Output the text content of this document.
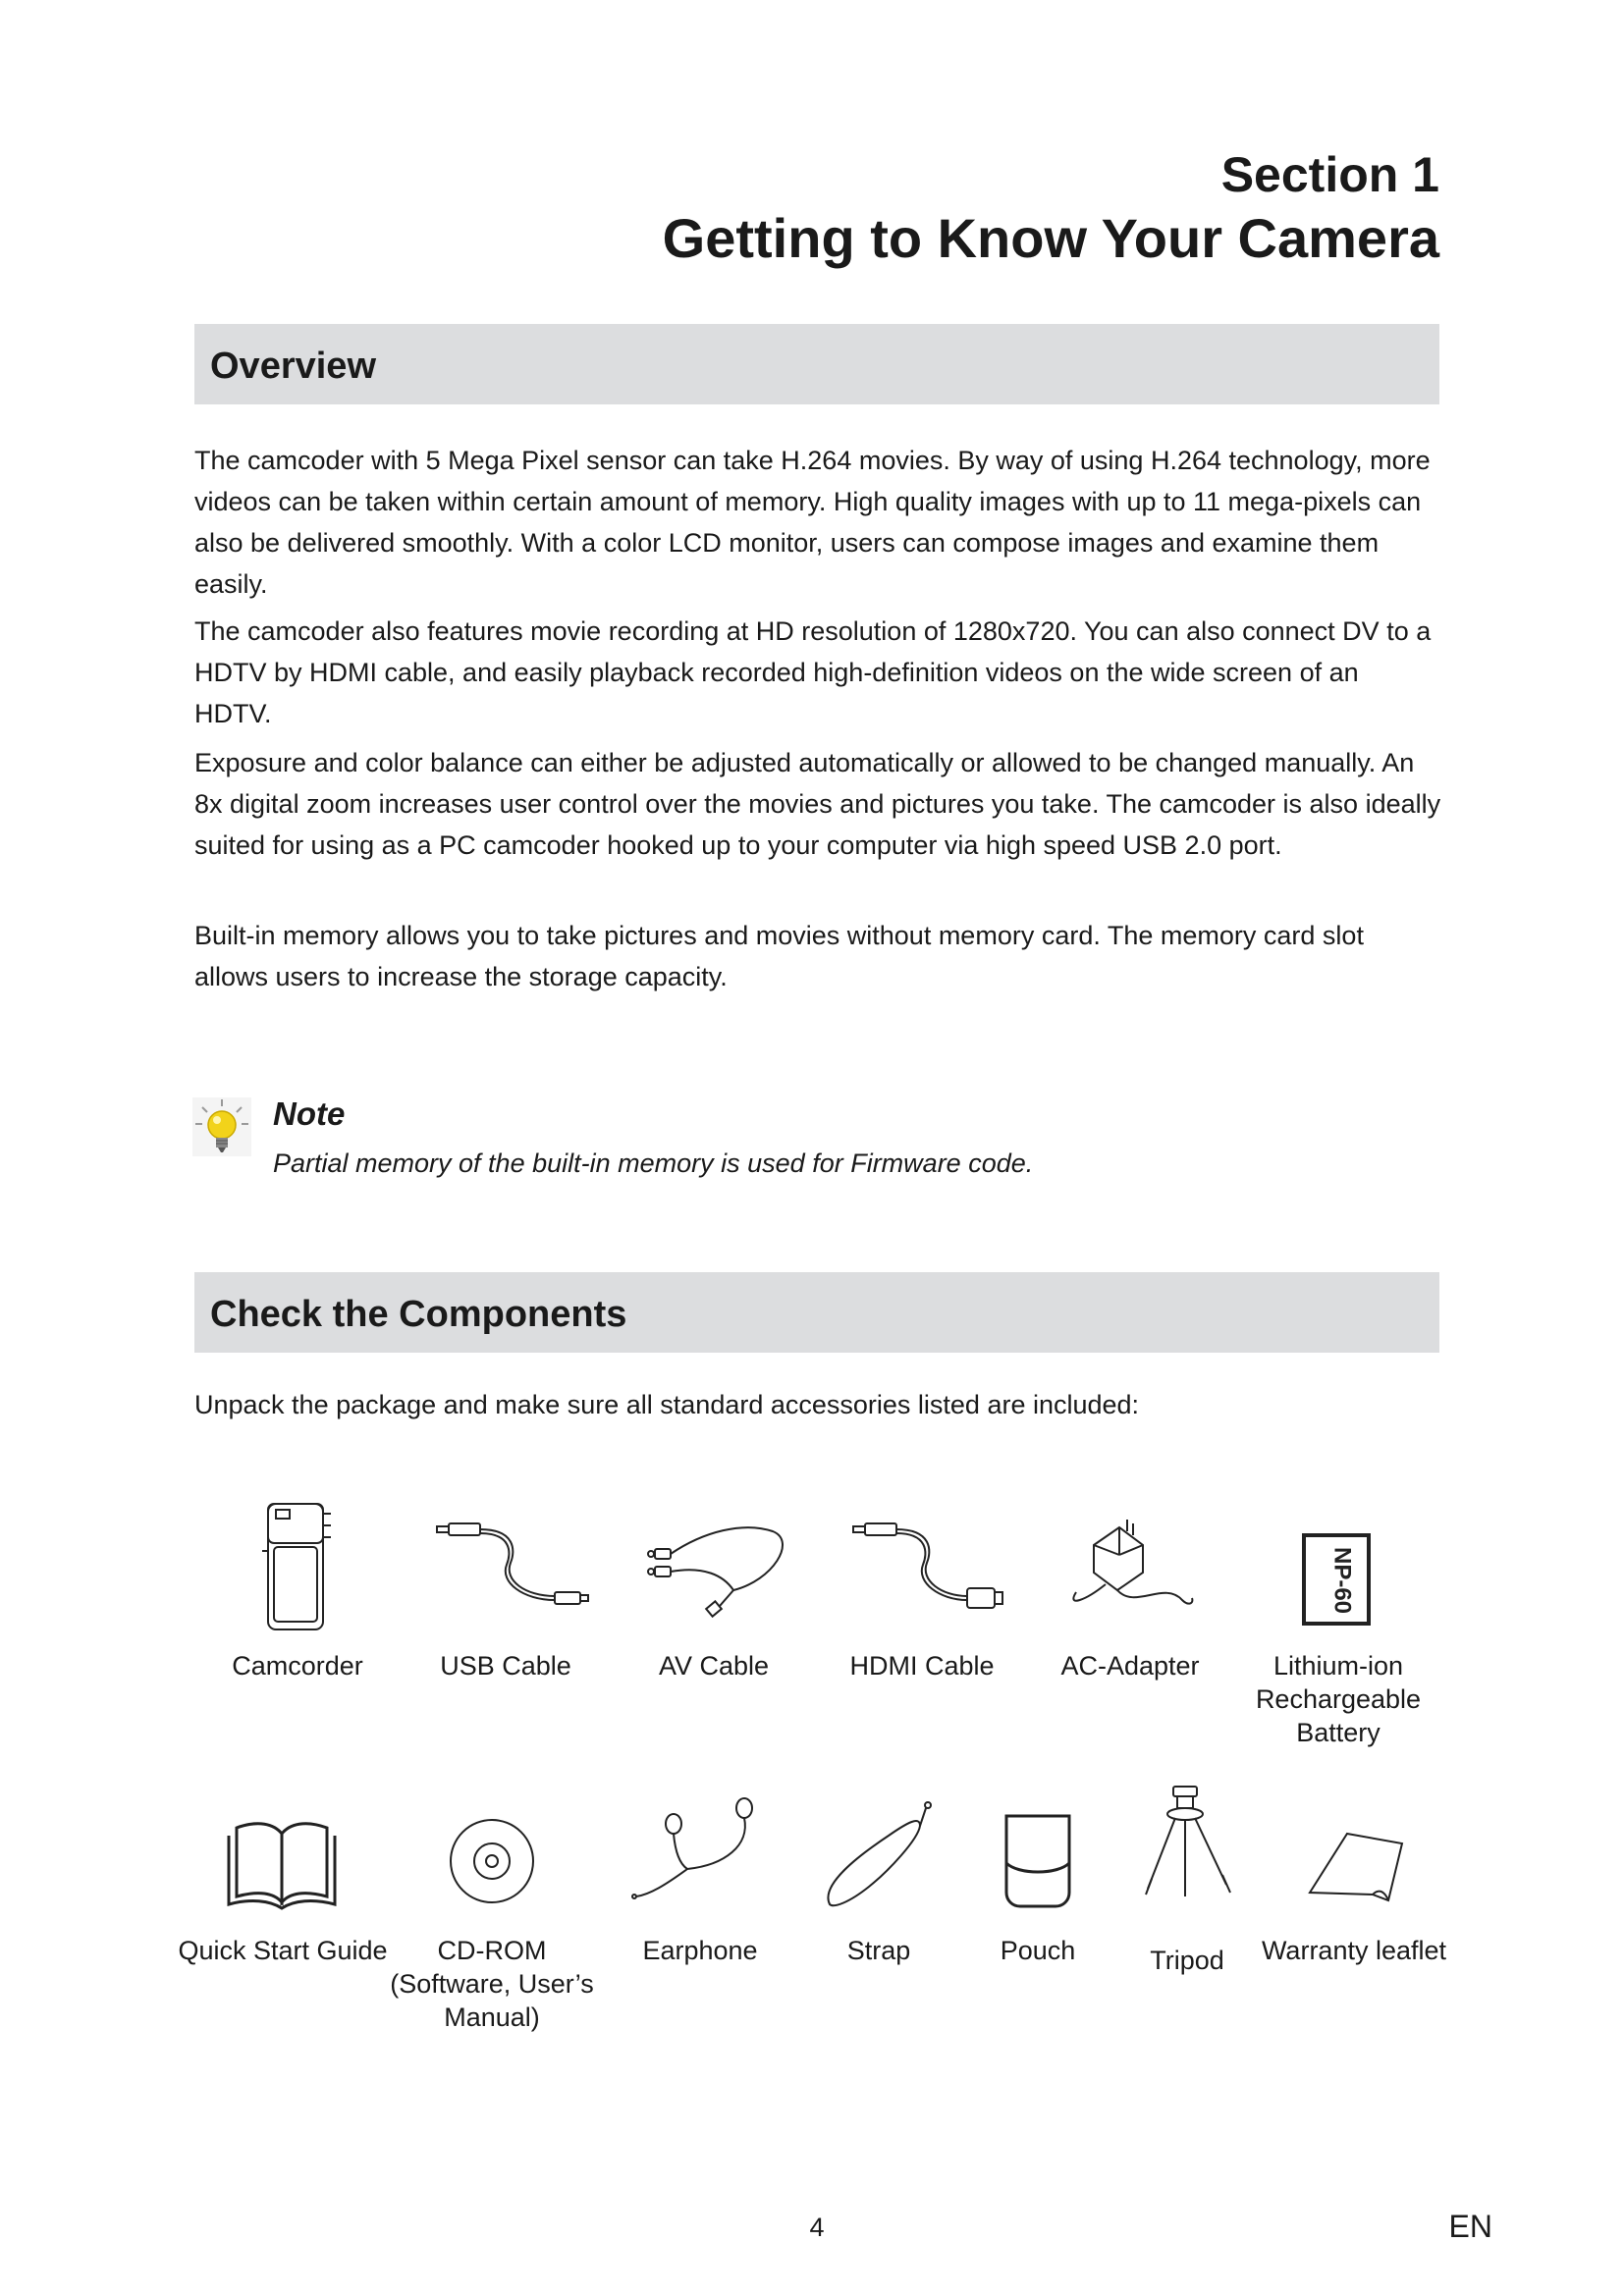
Section 1
Getting to Know Your Camera
Overview

The camcoder with 5 Mega Pixel sensor can take H.264 movies. By way of using H.264 technology, more videos can be taken within certain amount of memory. High quality images with up to 11 mega-pixels can also be delivered smoothly. With a color LCD monitor, users can compose images and examine them easily.

The camcoder also features movie recording at HD resolution of 1280x720. You can also connect DV to a HDTV by HDMI cable, and easily playback recorded high-definition videos on the wide screen of an HDTV.

Exposure and color balance can either be adjusted automatically or allowed to be changed manually. An 8x digital zoom increases user control over the movies and pictures you take. The camcoder is also ideally suited for using as a PC camcoder hooked up to your computer via high speed USB 2.0 port.

Built-in memory allows you to take pictures and movies without memory card. The memory card slot allows users to increase the storage capacity.

Note
Partial memory of the built-in memory is used for Firmware code.
Check the Components

Unpack the package and make sure all standard accessories listed are included:

Camcorder	USB Cable	AV Cable	HDMI Cable	AC-Adapter
NP-60
Lithium-ion Rechargeable Battery
Quick Start Guide	CD-ROM (Software, User’s Manual)
Earphone	Strap	Pouch	Tripod	Warranty leaflet
4	EN
